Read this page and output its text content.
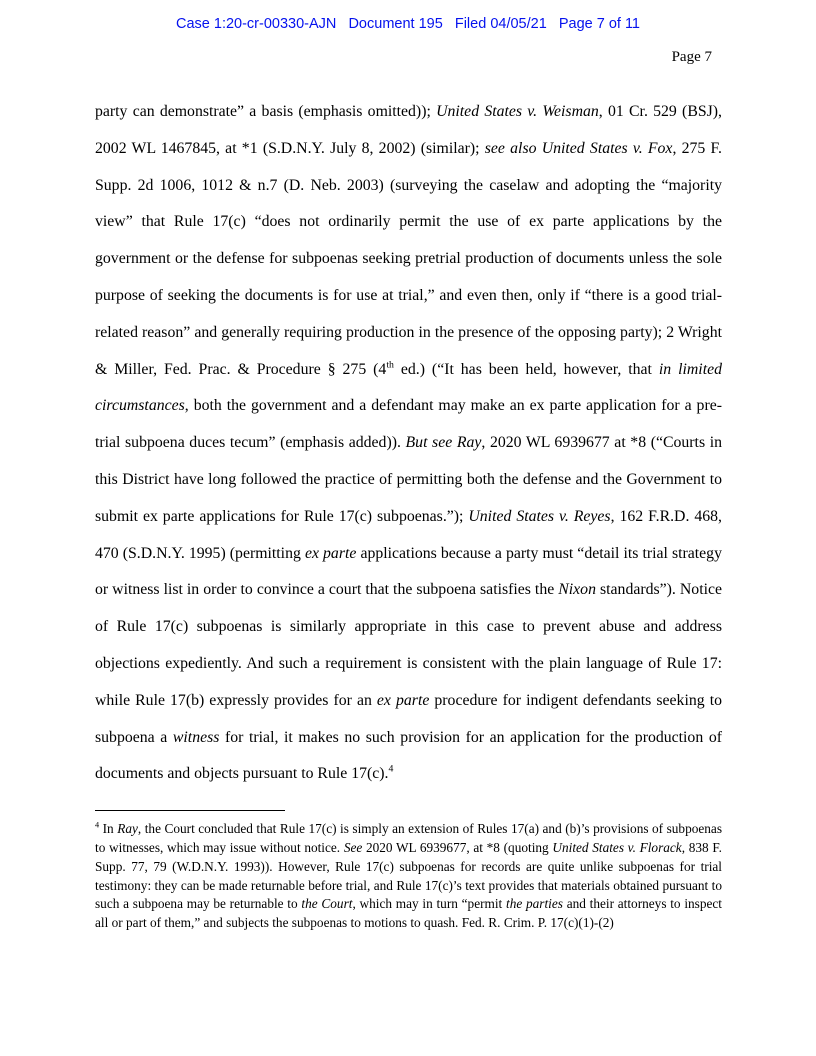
Case 1:20-cr-00330-AJN   Document 195   Filed 04/05/21   Page 7 of 11
Page 7

party can demonstrate” a basis (emphasis omitted)); United States v. Weisman, 01 Cr. 529 (BSJ), 2002 WL 1467845, at *1 (S.D.N.Y. July 8, 2002) (similar); see also United States v. Fox, 275 F. Supp. 2d 1006, 1012 & n.7 (D. Neb. 2003) (surveying the caselaw and adopting the “majority view” that Rule 17(c) “does not ordinarily permit the use of ex parte applications by the government or the defense for subpoenas seeking pretrial production of documents unless the sole purpose of seeking the documents is for use at trial,” and even then, only if “there is a good trial-related reason” and generally requiring production in the presence of the opposing party); 2 Wright & Miller, Fed. Prac. & Procedure § 275 (4th ed.) (“It has been held, however, that in limited circumstances, both the government and a defendant may make an ex parte application for a pre-trial subpoena duces tecum” (emphasis added)). But see Ray, 2020 WL 6939677 at *8 (“Courts in this District have long followed the practice of permitting both the defense and the Government to submit ex parte applications for Rule 17(c) subpoenas.”); United States v. Reyes, 162 F.R.D. 468, 470 (S.D.N.Y. 1995) (permitting ex parte applications because a party must “detail its trial strategy or witness list in order to convince a court that the subpoena satisfies the Nixon standards”). Notice of Rule 17(c) subpoenas is similarly appropriate in this case to prevent abuse and address objections expediently. And such a requirement is consistent with the plain language of Rule 17: while Rule 17(b) expressly provides for an ex parte procedure for indigent defendants seeking to subpoena a witness for trial, it makes no such provision for an application for the production of documents and objects pursuant to Rule 17(c).$^4$

$^4$ In Ray, the Court concluded that Rule 17(c) is simply an extension of Rules 17(a) and (b)’s provisions of subpoenas to witnesses, which may issue without notice. See 2020 WL 6939677, at *8 (quoting United States v. Florack, 838 F. Supp. 77, 79 (W.D.N.Y. 1993)). However, Rule 17(c) subpoenas for records are quite unlike subpoenas for trial testimony: they can be made returnable before trial, and Rule 17(c)’s text provides that materials obtained pursuant to such a subpoena may be returnable to the Court, which may in turn “permit the parties and their attorneys to inspect all or part of them,” and subjects the subpoenas to motions to quash. Fed. R. Crim. P. 17(c)(1)-(2)
